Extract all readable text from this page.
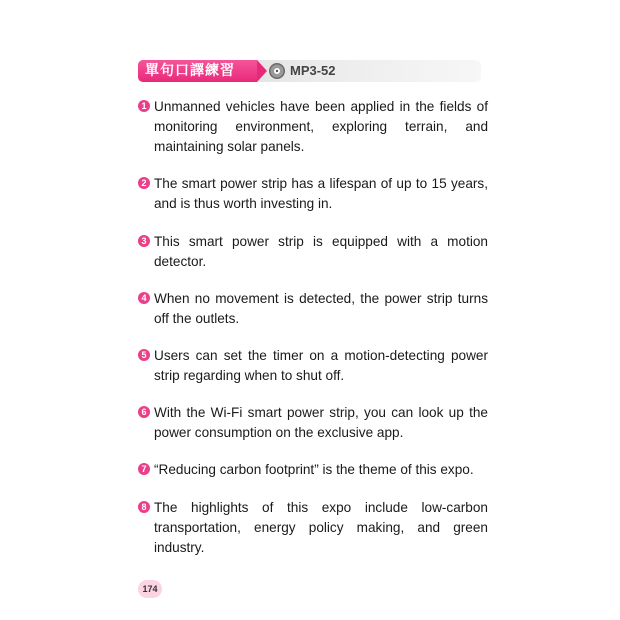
單句口譯練習	MP3-52
1 Unmanned vehicles have been applied in the fields of monitoring environment, exploring terrain, and maintaining solar panels.
2 The smart power strip has a lifespan of up to 15 years, and is thus worth investing in.
3 This smart power strip is equipped with a motion detector.
4 When no movement is detected, the power strip turns off the outlets.
5 Users can set the timer on a motion-detecting power strip regarding when to shut off.
6 With the Wi-Fi smart power strip, you can look up the power consumption on the exclusive app.
7 “Reducing carbon footprint” is the theme of this expo.
8 The highlights of this expo include low-carbon transportation, energy policy making, and green industry.
174
